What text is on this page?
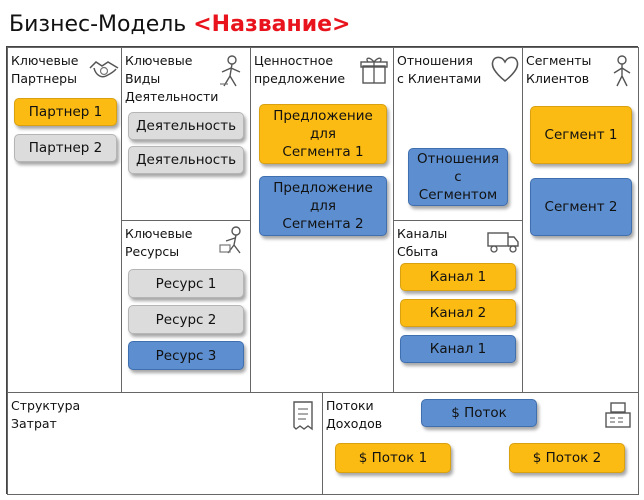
Бизнес-Модель <Название>
Ключевые
Партнеры
Партнер 1
Партнер 2
Ключевые
Виды
Деятельности
Деятельность
Деятельность
Ключевые
Ресурсы
Ресурс 1
Ресурс 2
Ресурс 3
Ценностное
предложение
Предложение
для
Сегмента 1
Предложение
для
Сегмента 2
Отношения
с Клиентами
Отношения
с
Сегментом
Каналы
Сбыта
Канал 1
Канал 2
Канал 1
Сегменты
Клиентов
Сегмент 1
Сегмент 2
Структура
Затрат
Потоки
Доходов
$ Поток
$ Поток 1	$ Поток 2
